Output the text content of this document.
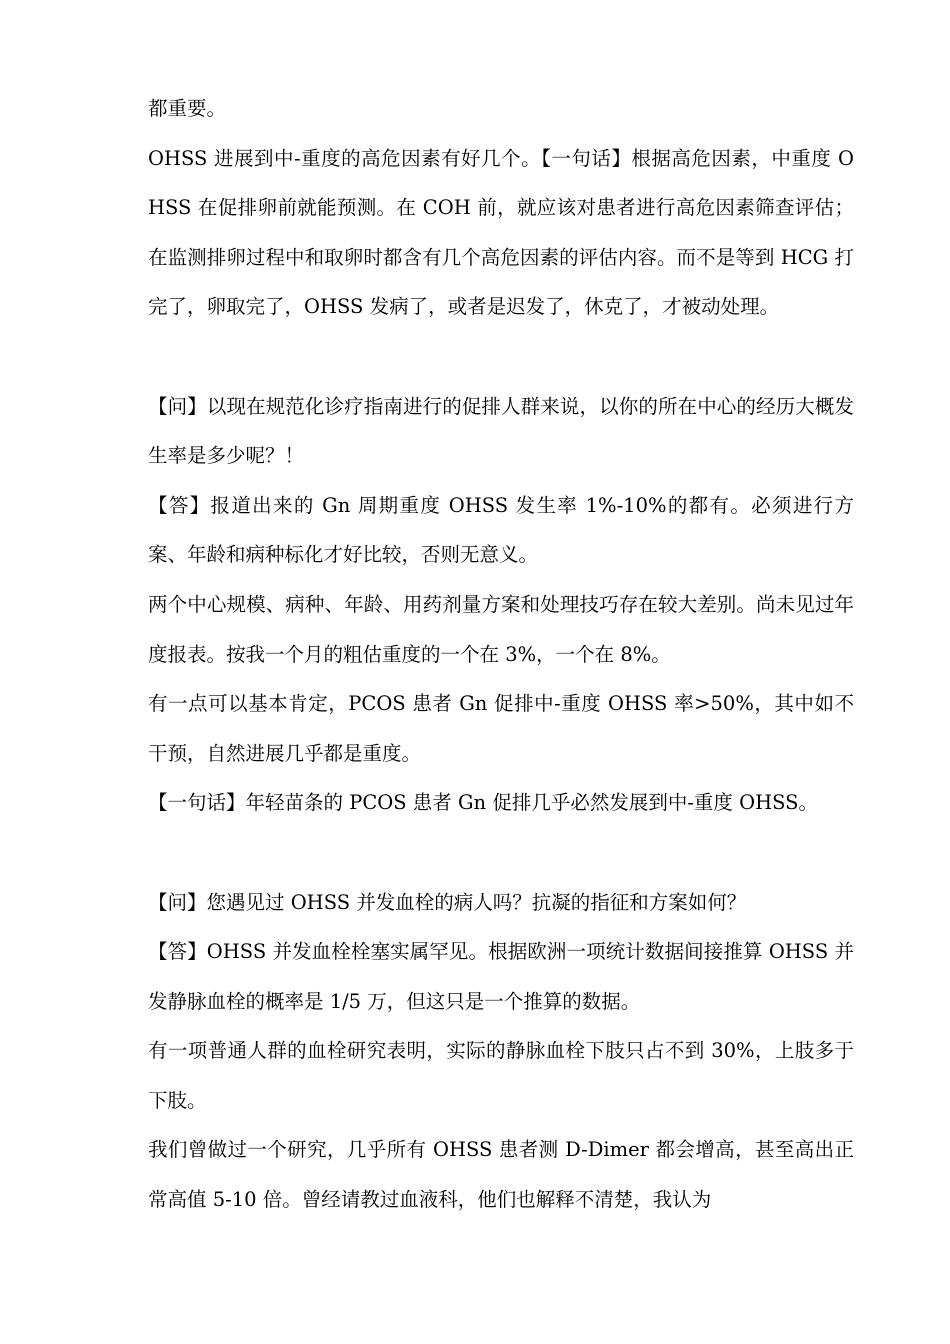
都重要。

OHSS 进展到中-重度的高危因素有好几个。【一句话】根据高危因素，中重度 OHSS 在促排卵前就能预测。在 COH 前，就应该对患者进行高危因素筛查评估；在监测排卵过程中和取卵时都含有几个高危因素的评估内容。而不是等到 HCG 打完了，卵取完了，OHSS 发病了，或者是迟发了，休克了，才被动处理。

【问】以现在规范化诊疗指南进行的促排人群来说，以你的所在中心的经历大概发生率是多少呢？！

【答】报道出来的 Gn 周期重度 OHSS 发生率 1%-10%的都有。必须进行方案、年龄和病种标化才好比较，否则无意义。

两个中心规模、病种、年龄、用药剂量方案和处理技巧存在较大差别。尚未见过年度报表。按我一个月的粗估重度的一个在 3%，一个在 8%。

有一点可以基本肯定，PCOS 患者 Gn 促排中-重度 OHSS 率>50%，其中如不干预，自然进展几乎都是重度。

【一句话】年轻苗条的 PCOS 患者 Gn 促排几乎必然发展到中-重度 OHSS。

【问】您遇见过 OHSS 并发血栓的病人吗？抗凝的指征和方案如何？

【答】OHSS 并发血栓栓塞实属罕见。根据欧洲一项统计数据间接推算 OHSS 并发静脉血栓的概率是 1/5 万，但这只是一个推算的数据。

有一项普通人群的血栓研究表明，实际的静脉血栓下肢只占不到 30%，上肢多于下肢。

我们曾做过一个研究，几乎所有 OHSS 患者测 D-Dimer 都会增高，甚至高出正常高值 5-10 倍。曾经请教过血液科，他们也解释不清楚，我认为
